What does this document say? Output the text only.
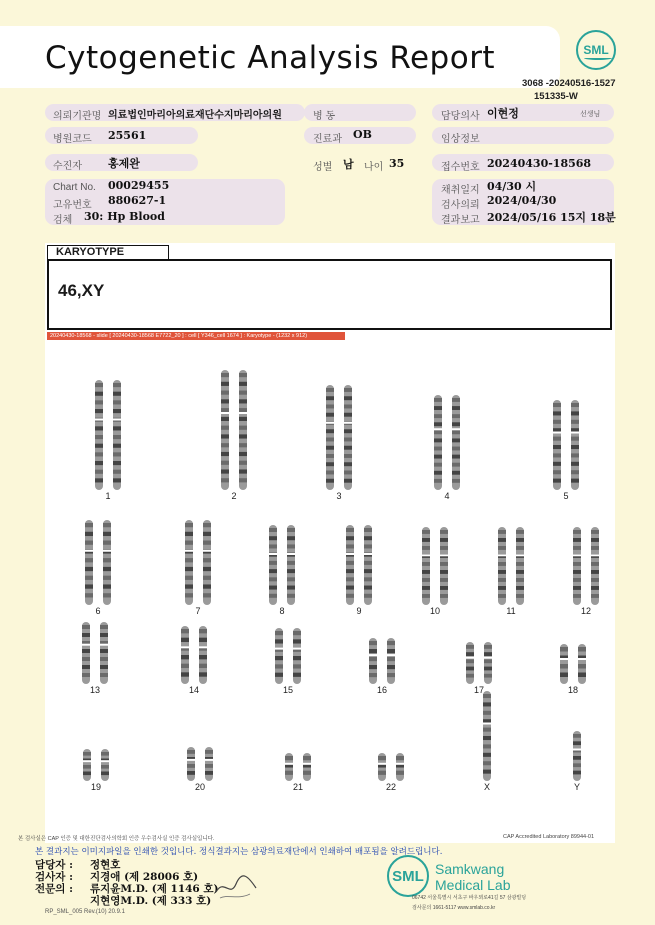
Cytogenetic Analysis Report	SML
3068 -20240516-1527
151335-W
의뢰기관명 의료법인마리아의료재단수지마리아의원	병 동	담당의사 이현정	선생님
병원코드 25561	진료과 OB	임상정보
수진자 홍제완	성별 남 나이 35	접수번호 20240430-18568
Chart No. 00029455
고유번호 880627-1
검체 30: Hp Blood
채취일지 04/30 시
검사의뢰 2024/04/30
결과보고 2024/05/16 15지 18분
KARYOTYPE
46,XY
20240430-18568 - slide [ 20240430-18568 E7722_20 ] : cell [ Y346_cell 1674 ] : Karyotype - (1232 x 912)
1	2	3	4	5
6	7	8	9	10	11	12
13	14	15	16	17	18
19	20	21	22	X	Y
본 검사실은 CAP 인증 및 대한진단검사의학회 인증 우수검사실 인증 검사실입니다.	CAP Accredited Laboratory 89944-01
본 결과지는 이미지파일을 인쇄한 것입니다. 정식결과지는 삼광의료재단에서 인쇄하여 배포됨을 알려드립니다.
담당자 : 정현호
검사자 : 지경애 (제 28006 호)
전문의 : 류지윤M.D. (제 1146 호)
지현영M.D. (제 333 호)
RP_SML_005 Rev.(10) 20.9.1
SML Samkwang
Medical Lab
06742 서울특별시 서초구 바우뫼로41길 57 삼광빌딩
검사문의 1661-5117 www.smlab.co.kr
